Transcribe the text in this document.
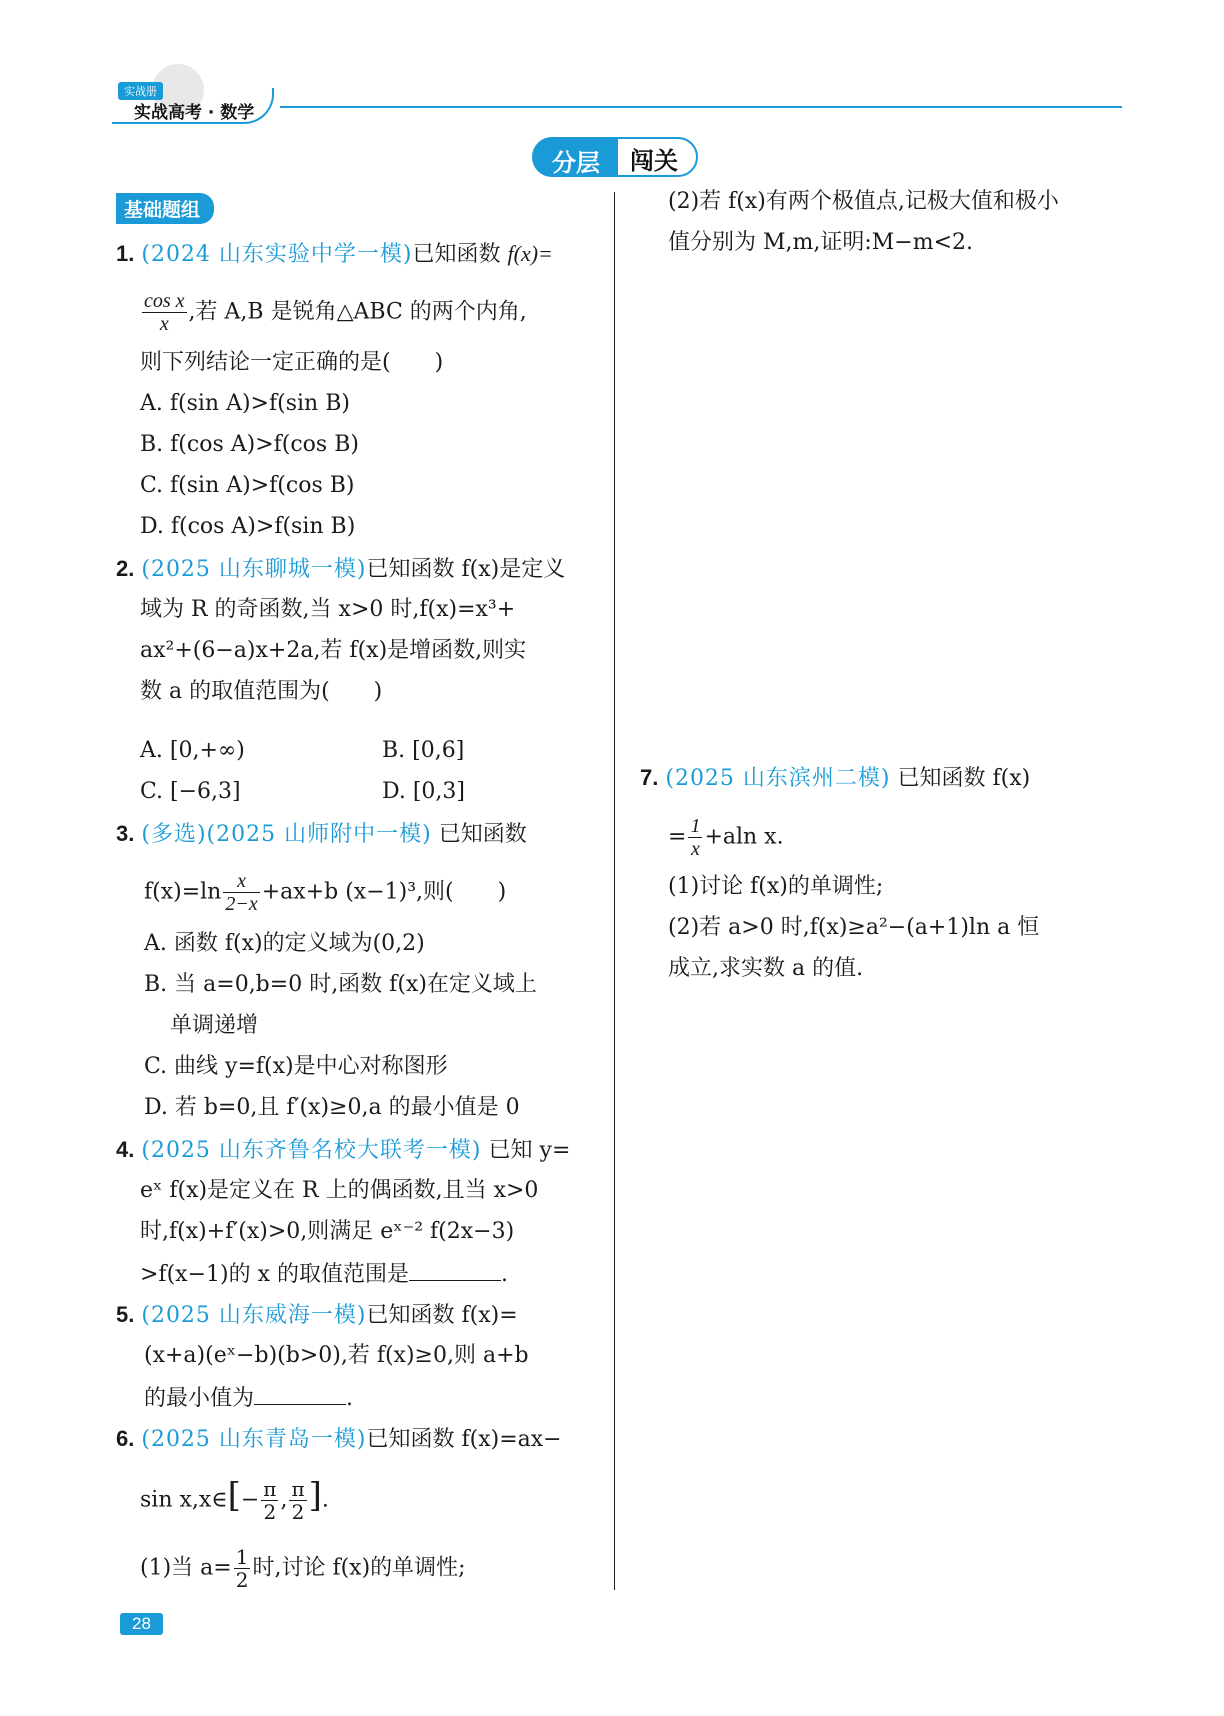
实战册
实战高考 · 数学
分层	闯关
基础题组
1. (2024 山东实验中学一模)已知函数 f(x)=
$\frac{\text{cos x}}{x}$ ,若 A,B 是锐角△ABC 的两个内角,
则下列结论一定正确的是(　　)
A. f(sin A)>f(sin B)
B. f(cos A)>f(cos B)
C. f(sin A)>f(cos B)
D. f(cos A)>f(sin B)
2. (2025 山东聊城一模)已知函数 f(x)是定义
域为 R 的奇函数,当 x>0 时,f(x)=x³+
ax²+(6−a)x+2a,若 f(x)是增函数,则实
数 a 的取值范围为(　　)
A. [0,+∞)	B. [0,6]
C. [−6,3]	D. [0,3]
3. (多选)(2025 山师附中一模) 已知函数
$f(x)=\ln \frac{x}{2-x} +ax+b$ (x−1)³,则(　　)
A. 函数 f(x)的定义域为(0,2)
B. 当 a=0,b=0 时,函数 f(x)在定义域上
单调递增
C. 曲线 y=f(x)是中心对称图形
D. 若 b=0,且 f′(x)≥0,a 的最小值是 0
4. (2025 山东齐鲁名校大联考一模) 已知 y=
eˣ f(x)是定义在 R 上的偶函数,且当 x>0
时,f(x)+f′(x)>0,则满足 eˣ⁻² f(2x−3)
>f(x−1)的 x 的取值范围是	.
5. (2025 山东威海一模)已知函数 f(x)=
(x+a)(eˣ−b)(b>0),若 f(x)≥0,则 a+b
的最小值为	.
6. (2025 山东青岛一模)已知函数 f(x)=ax−
sin x,x∈[− $\frac{\pi}{2}$ , $\frac{\pi}{2}$ ].
(1)当 $a= \frac{1}{2}$ 时,讨论 f(x)的单调性;
(2)若 f(x)有两个极值点,记极大值和极小
值分别为 M,m,证明:M−m<2.
7. (2025 山东滨州二模) 已知函数 f(x)
= $\frac{1}{x} +aln$ x.
(1)讨论 f(x)的单调性;
(2)若 a>0 时,f(x)≥a²−(a+1)ln a 恒
成立,求实数 a 的值.
28
